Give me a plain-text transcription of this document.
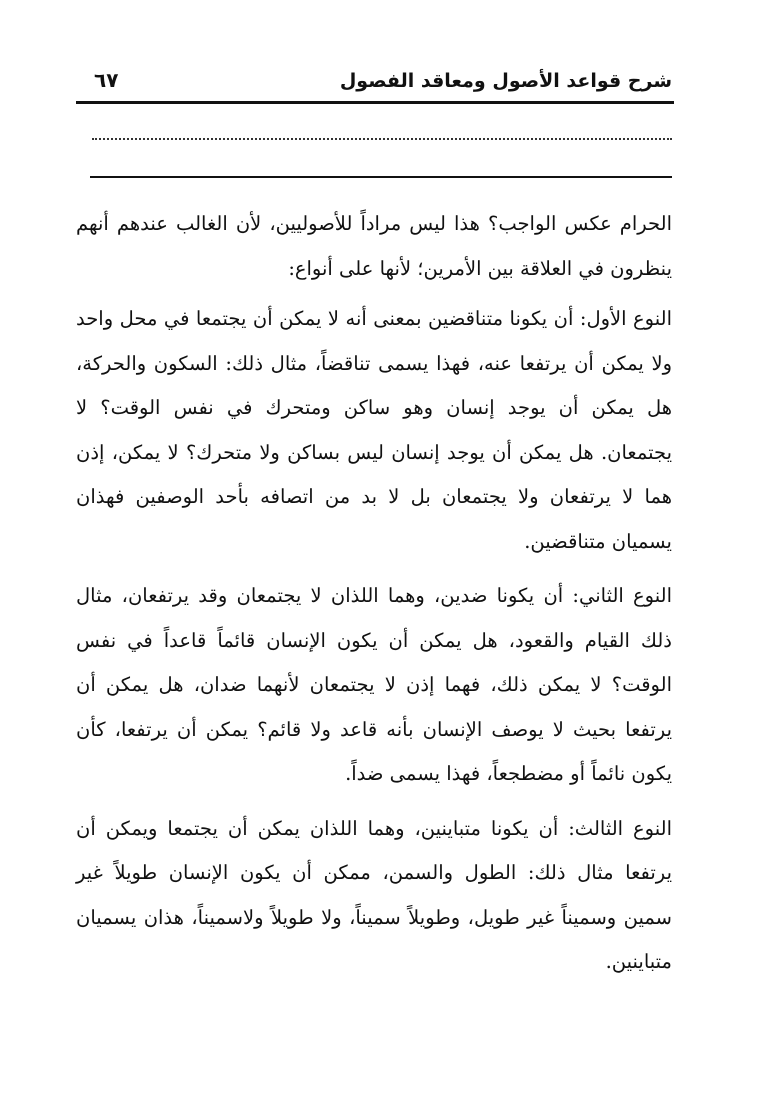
شرح قواعد الأصول ومعاقد الفصول
٦٧

الحرام عكس الواجب؟ هذا ليس مراداً للأصوليين، لأن الغالب عندهم أنهم ينظرون في العلاقة بين الأمرين؛ لأنها على أنواع:

النوع الأول: أن يكونا متناقضين بمعنى أنه لا يمكن أن يجتمعا في محل واحد ولا يمكن أن يرتفعا عنه، فهذا يسمى تناقضاً، مثال ذلك: السكون والحركة، هل يمكن أن يوجد إنسان وهو ساكن ومتحرك في نفس الوقت؟ لا يجتمعان. هل يمكن أن يوجد إنسان ليس بساكن ولا متحرك؟ لا يمكن، إذن هما لا يرتفعان ولا يجتمعان بل لا بد من اتصافه بأحد الوصفين فهذان يسميان متناقضين.

النوع الثاني: أن يكونا ضدين، وهما اللذان لا يجتمعان وقد يرتفعان، مثال ذلك القيام والقعود، هل يمكن أن يكون الإنسان قائماً قاعداً في نفس الوقت؟ لا يمكن ذلك، فهما إذن لا يجتمعان لأنهما ضدان، هل يمكن أن يرتفعا بحيث لا يوصف الإنسان بأنه قاعد ولا قائم؟ يمكن أن يرتفعا، كأن يكون نائماً أو مضطجعاً، فهذا يسمى ضداً.

النوع الثالث: أن يكونا متباينين، وهما اللذان يمكن أن يجتمعا ويمكن أن يرتفعا مثال ذلك: الطول والسمن، ممكن أن يكون الإنسان طويلاً غير سمين وسميناً غير طويل، وطويلاً سميناً، ولا طويلاً ولاسميناً، هذان يسميان متباينين.
